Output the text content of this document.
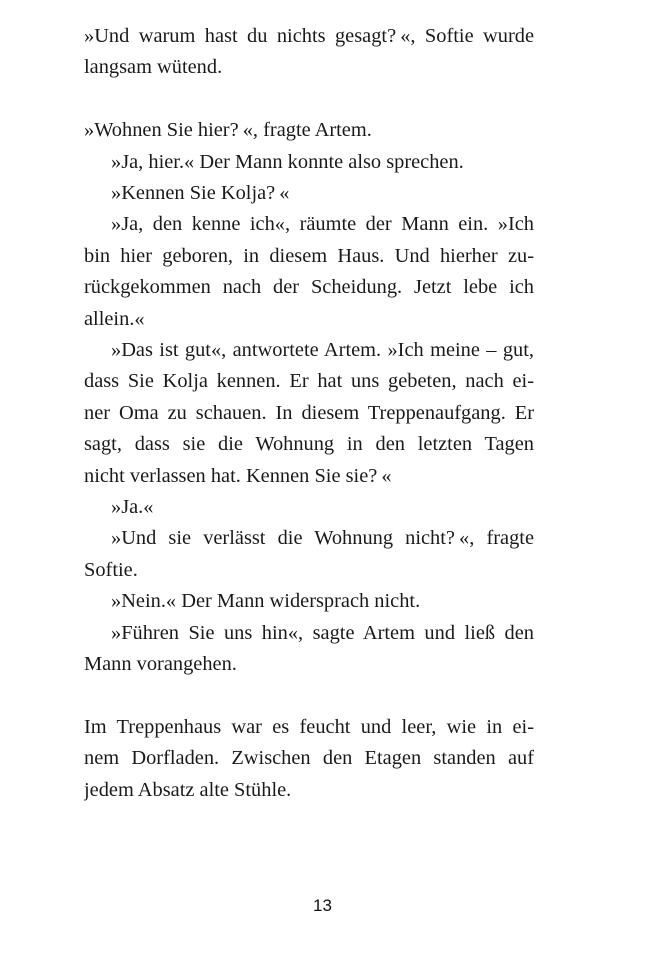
»Und warum hast du nichts gesagt? «, Softie wurde
langsam wütend.
»Wohnen Sie hier? «, fragte Artem.
»Ja, hier.« Der Mann konnte also sprechen.
»Kennen Sie Kolja? «
»Ja, den kenne ich«, räumte der Mann ein. »Ich
bin hier geboren, in diesem Haus. Und hierher zu-
rückgekommen nach der Scheidung. Jetzt lebe ich
allein.«
»Das ist gut«, antwortete Artem. »Ich meine – gut,
dass Sie Kolja kennen. Er hat uns gebeten, nach ei-
ner Oma zu schauen. In diesem Treppenaufgang. Er
sagt, dass sie die Wohnung in den letzten Tagen
nicht verlassen hat. Kennen Sie sie? «
»Ja.«
»Und sie verlässt die Wohnung nicht? «, fragte
Softie.
»Nein.« Der Mann widersprach nicht.
»Führen Sie uns hin«, sagte Artem und ließ den
Mann vorangehen.
Im Treppenhaus war es feucht und leer, wie in ei-
nem Dorfladen. Zwischen den Etagen standen auf
jedem Absatz alte Stühle.
13
